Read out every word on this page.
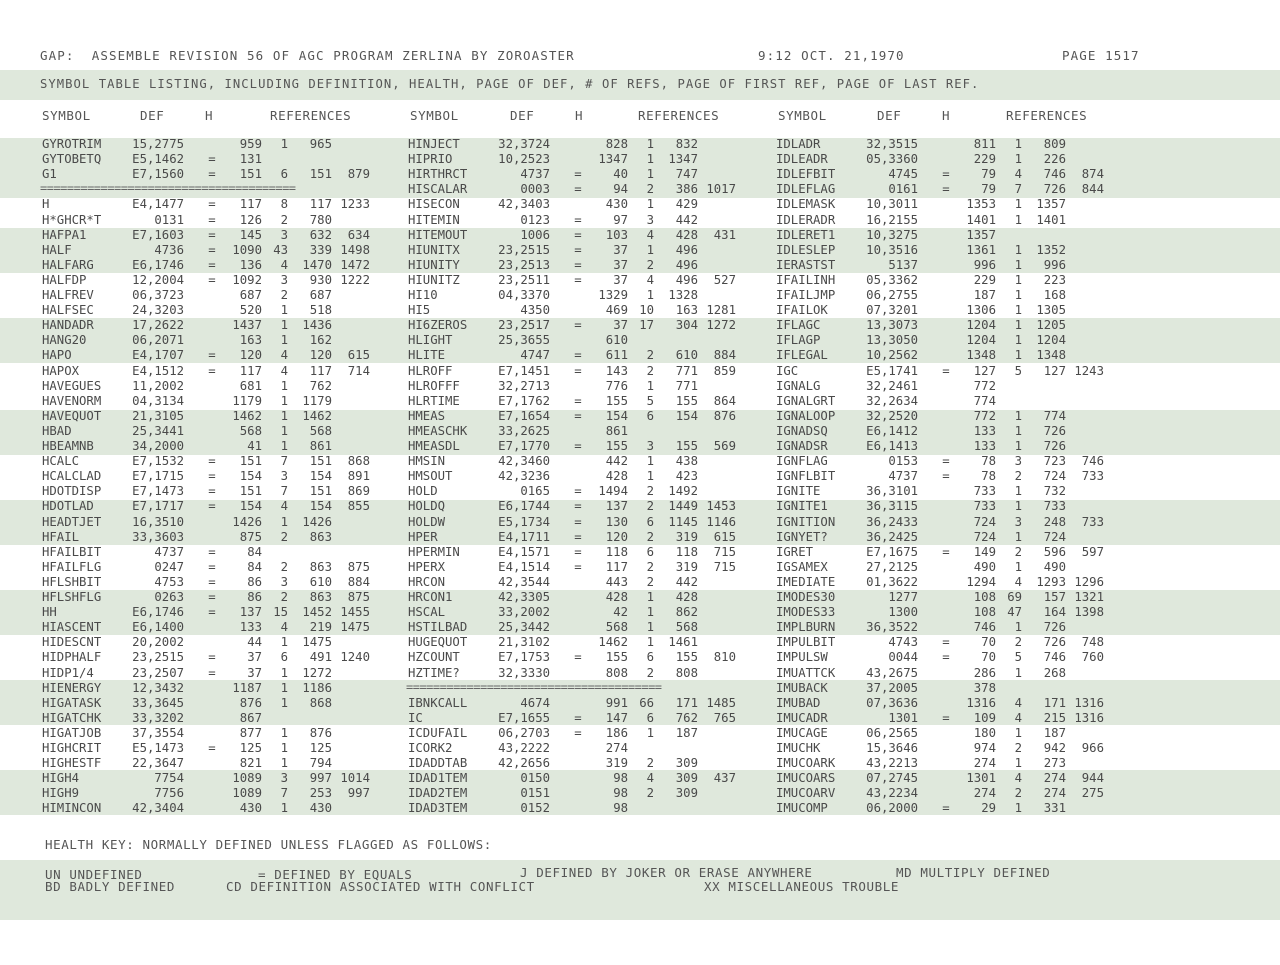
GAP:  ASSEMBLE REVISION 56 OF AGC PROGRAM ZERLINA BY ZOROASTER	9:12 OCT. 21,1970	PAGE 1517
SYMBOL TABLE LISTING, INCLUDING DEFINITION, HEALTH, PAGE OF DEF, # OF REFS, PAGE OF FIRST REF, PAGE OF LAST REF.
SYMBOL	DEF	H	REFERENCES	SYMBOL	DEF	H	REFERENCES	SYMBOL	DEF	H	REFERENCES
GYROTRIM	15,2775	959	1	965
GYTOBETQ	E5,1462 =	131
G1	E7,1560 =	151	6	151	879
======================================
H	E4,1477 =	117	8	117 1233
H*GHCR*T	0131 =	126	2	780
HAFPA1	E7,1603 =	145	3	632	634
HALF	4736 =	1090 43	339 1498
HALFARG	E6,1746 =	136	4	1470 1472
HALFDP	12,2004 =	1092	3	930 1222
HALFREV	06,3723	687	2	687
HALFSEC	24,3203	520	1	518
HANDADR	17,2622	1437	1	1436
HANG20	06,2071	163	1	162
HAPO	E4,1707 =	120	4	120	615
HAPOX	E4,1512 =	117	4	117	714
HAVEGUES	11,2002	681	1	762
HAVENORM	04,3134	1179	1	1179
HAVEQUOT	21,3105	1462	1	1462
HBAD	25,3441	568	1	568
HBEAMNB	34,2000	41	1	861
HCALC	E7,1532 =	151	7	151	868
HCALCLAD	E7,1715 =	154	3	154	891
HDOTDISP	E7,1473 =	151	7	151	869
HDOTLAD	E7,1717 =	154	4	154	855
HEADTJET	16,3510	1426	1	1426
HFAIL	33,3603	875	2	863
HFAILBIT	4737 =	84
HFAILFLG	0247 =	84	2	863	875
HFLSHBIT	4753 =	86	3	610	884
HFLSHFLG	0263 =	86	2	863	875
HH	E6,1746 =	137 15	1452 1455
HIASCENT	E6,1400	133	4	219 1475
HIDESCNT	20,2002	44	1	1475
HIDPHALF	23,2515 =	37	6	491 1240
HIDP1/4	23,2507 =	37	1	1272
HIENERGY	12,3432	1187	1	1186
HIGATASK	33,3645	876	1	868
HIGATCHK	33,3202	867
HIGATJOB	37,3554	877	1	876
HIGHCRIT	E5,1473 =	125	1	125
HIGHESTF	22,3647	821	1	794
HIGH4	7754	1089	3	997 1014
HIGH9	7756	1089	7	253	997
HIMINCON	42,3404	430	1	430
HINJECT	32,3724	828	1	832
HIPRIO	10,2523	1347	1	1347
HIRTHRCT	4737 =	40	1	747
HISCALAR	0003 =	94	2	386 1017
HISECON	42,3403	430	1	429
HITEMIN	0123 =	97	3	442
HITEMOUT	1006 =	103	4	428	431
HIUNITX	23,2515 =	37	1	496
HIUNITY	23,2513 =	37	2	496
HIUNITZ	23,2511 =	37	4	496	527
HI10	04,3370	1329	1	1328
HI5	4350	469 10	163 1281
HI6ZEROS	23,2517 =	37 17	304 1272
HLIGHT	25,3655	610
HLITE	4747 =	611	2	610	884
HLROFF	E7,1451 =	143	2	771	859
HLROFFF	32,2713	776	1	771
HLRTIME	E7,1762 =	155	5	155	864
HMEAS	E7,1654 =	154	6	154	876
HMEASCHK	33,2625	861
HMEASDL	E7,1770 =	155	3	155	569
HMSIN	42,3460	442	1	438
HMSOUT	42,3236	428	1	423
HOLD	0165 =	1494	2	1492
HOLDQ	E6,1744 =	137	2	1449 1453
HOLDW	E5,1734 =	130	6	1145 1146
HPER	E4,1711 =	120	2	319	615
HPERMIN	E4,1571 =	118	6	118	715
HPERX	E4,1514 =	117	2	319	715
HRCON	42,3544	443	2	442
HRCON1	42,3305	428	1	428
HSCAL	33,2002	42	1	862
HSTILBAD	25,3442	568	1	568
HUGEQUOT	21,3102	1462	1	1461
HZCOUNT	E7,1753 =	155	6	155	810
HZTIME?	32,3330	808	2	808
======================================
IBNKCALL	4674	991 66	171 1485
IC	E7,1655 =	147	6	762	765
ICDUFAIL	06,2703 =	186	1	187
ICORK2	43,2222	274
IDADDTAB	42,2656	319	2	309
IDAD1TEM	0150	98	4	309	437
IDAD2TEM	0151	98	2	309
IDAD3TEM	0152	98
IDLADR	32,3515	811	1	809
IDLEADR	05,3360	229	1	226
IDLEFBIT	4745 =	79	4	746	874
IDLEFLAG	0161 =	79	7	726	844
IDLEMASK	10,3011	1353	1	1357
IDLERADR	16,2155	1401	1	1401
IDLERET1	10,3275	1357
IDLESLEP	10,3516	1361	1	1352
IERASTST	5137	996	1	996
IFAILINH	05,3362	229	1	223
IFAILJMP	06,2755	187	1	168
IFAILOK	07,3201	1306	1	1305
IFLAGC	13,3073	1204	1	1205
IFLAGP	13,3050	1204	1	1204
IFLEGAL	10,2562	1348	1	1348
IGC	E5,1741 =	127	5	127 1243
IGNALG	32,2461	772
IGNALGRT	32,2634	774
IGNALOOP	32,2520	772	1	774
IGNADSQ	E6,1412	133	1	726
IGNADSR	E6,1413	133	1	726
IGNFLAG	0153 =	78	3	723	746
IGNFLBIT	4737 =	78	2	724	733
IGNITE	36,3101	733	1	732
IGNITE1	36,3115	733	1	733
IGNITION	36,2433	724	3	248	733
IGNYET?	36,2425	724	1	724
IGRET	E7,1675 =	149	2	596	597
IGSAMEX	27,2125	490	1	490
IMEDIATE	01,3622	1294	4	1293 1296
IMODES30	1277	108 69	157 1321
IMODES33	1300	108 47	164 1398
IMPLBURN	36,3522	746	1	726
IMPULBIT	4743 =	70	2	726	748
IMPULSW	0044 =	70	5	746	760
IMUATTCK	43,2675	286	1	268
IMUBACK	37,2005	378
IMUBAD	07,3636	1316	4	171 1316
IMUCADR	1301 =	109	4	215 1316
IMUCAGE	06,2565	180	1	187
IMUCHK	15,3646	974	2	942	966
IMUCOARK	43,2213	274	1	273
IMUCOARS	07,2745	1301	4	274	944
IMUCOARV	43,2234	274	2	274	275
IMUCOMP	06,2000 =	29	1	331
HEALTH KEY: NORMALLY DEFINED UNLESS FLAGGED AS FOLLOWS:
UN UNDEFINED	= DEFINED BY EQUALS	J DEFINED BY JOKER OR ERASE ANYWHERE	MD MULTIPLY DEFINED
BD BADLY DEFINED	CD DEFINITION ASSOCIATED WITH CONFLICT	XX MISCELLANEOUS TROUBLE
